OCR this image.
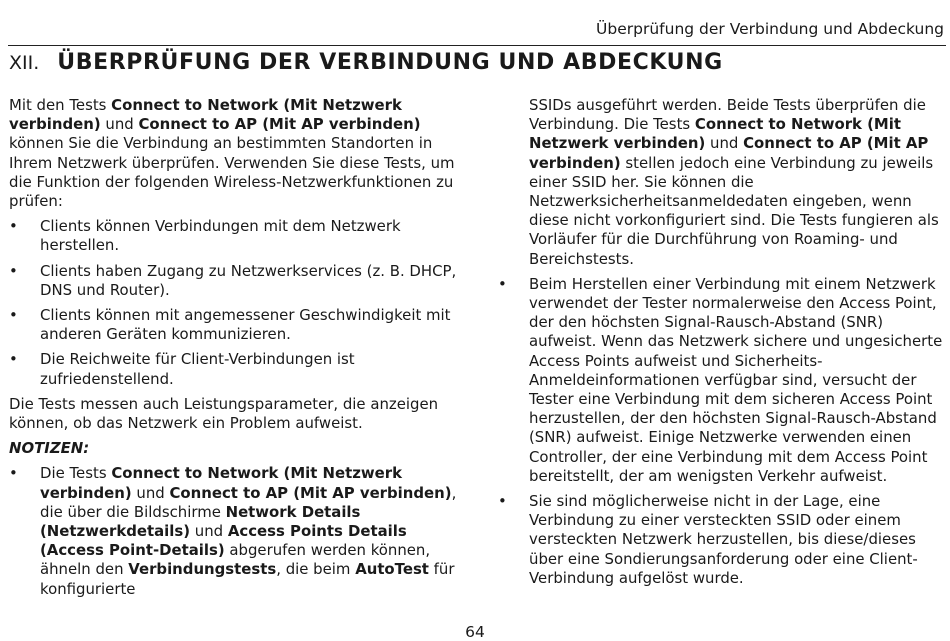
Überprüfung der Verbindung und Abdeckung
XII. ÜBERPRÜFUNG DER VERBINDUNG UND ABDECKUNG

Mit den Tests Connect to Network (Mit Netzwerk verbinden) und Connect to AP (Mit AP verbinden) können Sie die Verbindung an bestimmten Standorten in Ihrem Netzwerk überprüfen. Verwenden Sie diese Tests, um die Funktion der folgenden Wireless-Netzwerkfunktionen zu prüfen:

• Clients können Verbindungen mit dem Netzwerk herstellen.
• Clients haben Zugang zu Netzwerkservices (z. B. DHCP, DNS und Router).
• Clients können mit angemessener Geschwindigkeit mit anderen Geräten kommunizieren.
• Die Reichweite für Client-Verbindungen ist zufriedenstellend.

Die Tests messen auch Leistungsparameter, die anzeigen können, ob das Netzwerk ein Problem aufweist.

NOTIZEN:

• Die Tests Connect to Network (Mit Netzwerk verbinden) und Connect to AP (Mit AP verbinden), die über die Bildschirme Network Details (Netzwerkdetails) und Access Points Details (Access Point-Details) abgerufen werden können, ähneln den Verbindungstests, die beim AutoTest für konfigurierte
SSIDs ausgeführt werden. Beide Tests überprüfen die Verbindung. Die Tests Connect to Network (Mit Netzwerk verbinden) und Connect to AP (Mit AP verbinden) stellen jedoch eine Verbindung zu jeweils einer SSID her. Sie können die Netzwerksicherheitsanmeldedaten eingeben, wenn diese nicht vorkonfiguriert sind. Die Tests fungieren als Vorläufer für die Durchführung von Roaming- und Bereichstests.
• Beim Herstellen einer Verbindung mit einem Netzwerk verwendet der Tester normalerweise den Access Point, der den höchsten Signal-Rausch-Abstand (SNR) aufweist. Wenn das Netzwerk sichere und ungesicherte Access Points aufweist und Sicherheits-Anmeldeinformationen verfügbar sind, versucht der Tester eine Verbindung mit dem sicheren Access Point herzustellen, der den höchsten Signal-Rausch-Abstand (SNR) aufweist. Einige Netzwerke verwenden einen Controller, der eine Verbindung mit dem Access Point bereitstellt, der am wenigsten Verkehr aufweist.
• Sie sind möglicherweise nicht in der Lage, eine Verbindung zu einer versteckten SSID oder einem versteckten Netzwerk herzustellen, bis diese/dieses über eine Sondierungsanforderung oder eine Client-Verbindung aufgelöst wurde.
64
